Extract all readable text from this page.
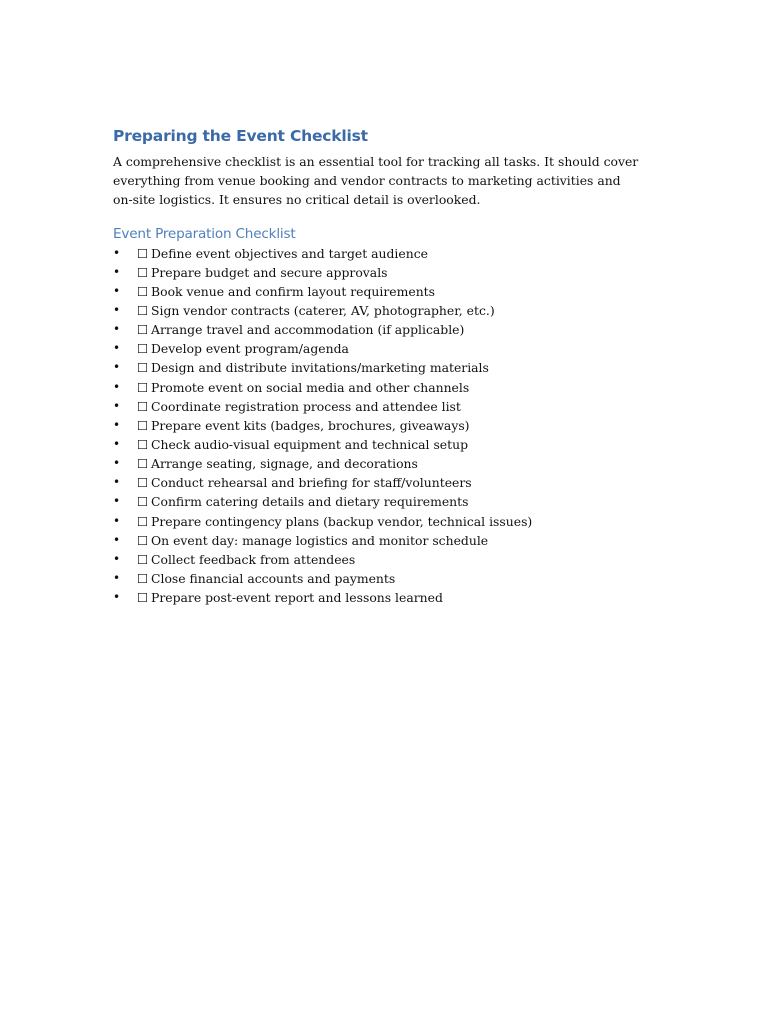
Preparing the Event Checklist

A comprehensive checklist is an essential tool for tracking all tasks. It should cover everything from venue booking and vendor contracts to marketing activities and on-site logistics. It ensures no critical detail is overlooked.

Event Preparation Checklist
• ☐ Define event objectives and target audience
• ☐ Prepare budget and secure approvals
• ☐ Book venue and confirm layout requirements
• ☐ Sign vendor contracts (caterer, AV, photographer, etc.)
• ☐ Arrange travel and accommodation (if applicable)
• ☐ Develop event program/agenda
• ☐ Design and distribute invitations/marketing materials
• ☐ Promote event on social media and other channels
• ☐ Coordinate registration process and attendee list
• ☐ Prepare event kits (badges, brochures, giveaways)
• ☐ Check audio-visual equipment and technical setup
• ☐ Arrange seating, signage, and decorations
• ☐ Conduct rehearsal and briefing for staff/volunteers
• ☐ Confirm catering details and dietary requirements
• ☐ Prepare contingency plans (backup vendor, technical issues)
• ☐ On event day: manage logistics and monitor schedule
• ☐ Collect feedback from attendees
• ☐ Close financial accounts and payments
• ☐ Prepare post-event report and lessons learned
